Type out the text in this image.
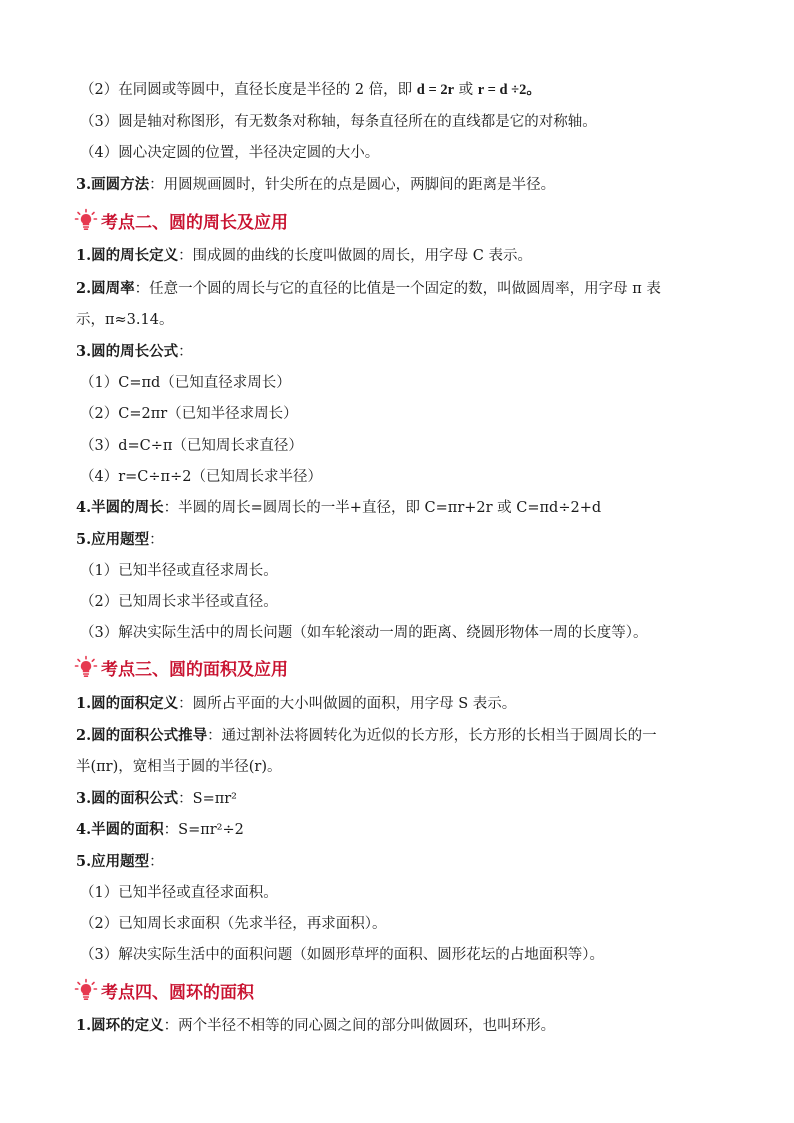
（2）在同圆或等圆中，直径长度是半径的 2 倍，即 d = 2r 或 r = d ÷2。
（3）圆是轴对称图形，有无数条对称轴，每条直径所在的直线都是它的对称轴。
（4）圆心决定圆的位置，半径决定圆的大小。
3.画圆方法：用圆规画圆时，针尖所在的点是圆心，两脚间的距离是半径。
考点二、圆的周长及应用
1.圆的周长定义：围成圆的曲线的长度叫做圆的周长，用字母 C 表示。
2.圆周率：任意一个圆的周长与它的直径的比值是一个固定的数，叫做圆周率，用字母 π 表
示，π≈3.14。
3.圆的周长公式：
（1）C=πd（已知直径求周长）
（2）C=2πr（已知半径求周长）
（3）d=C÷π（已知周长求直径）
（4）r=C÷π÷2（已知周长求半径）
4.半圆的周长：半圆的周长=圆周长的一半+直径，即 C=πr+2r 或 C=πd÷2+d
5.应用题型：
（1）已知半径或直径求周长。
（2）已知周长求半径或直径。
（3）解决实际生活中的周长问题（如车轮滚动一周的距离、绕圆形物体一周的长度等）。
考点三、圆的面积及应用
1.圆的面积定义：圆所占平面的大小叫做圆的面积，用字母 S 表示。
2.圆的面积公式推导：通过割补法将圆转化为近似的长方形，长方形的长相当于圆周长的一
半(πr)，宽相当于圆的半径(r)。
3.圆的面积公式：S=πr²
4.半圆的面积：S=πr²÷2
5.应用题型：
（1）已知半径或直径求面积。
（2）已知周长求面积（先求半径，再求面积）。
（3）解决实际生活中的面积问题（如圆形草坪的面积、圆形花坛的占地面积等）。
考点四、圆环的面积
1.圆环的定义：两个半径不相等的同心圆之间的部分叫做圆环，也叫环形。
